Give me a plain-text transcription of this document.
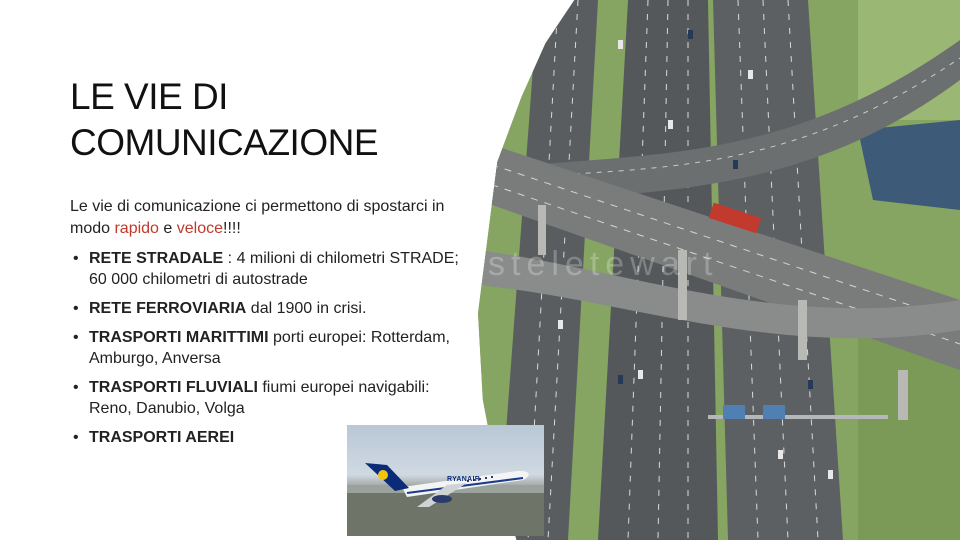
steletewart
LE VIE DI
COMUNICAZIONE

Le vie di comunicazione ci permettono di spostarci in modo rapido e veloce!!!!

• RETE STRADALE : 4 milioni di chilometri STRADE; 60 000 chilometri di autostrade
• RETE FERROVIARIA dal 1900 in crisi.
• TRASPORTI MARITTIMI porti europei: Rotterdam, Amburgo, Anversa
• TRASPORTI FLUVIALI fiumi europei navigabili: Reno, Danubio, Volga
• TRASPORTI AEREI
RYANAIR
